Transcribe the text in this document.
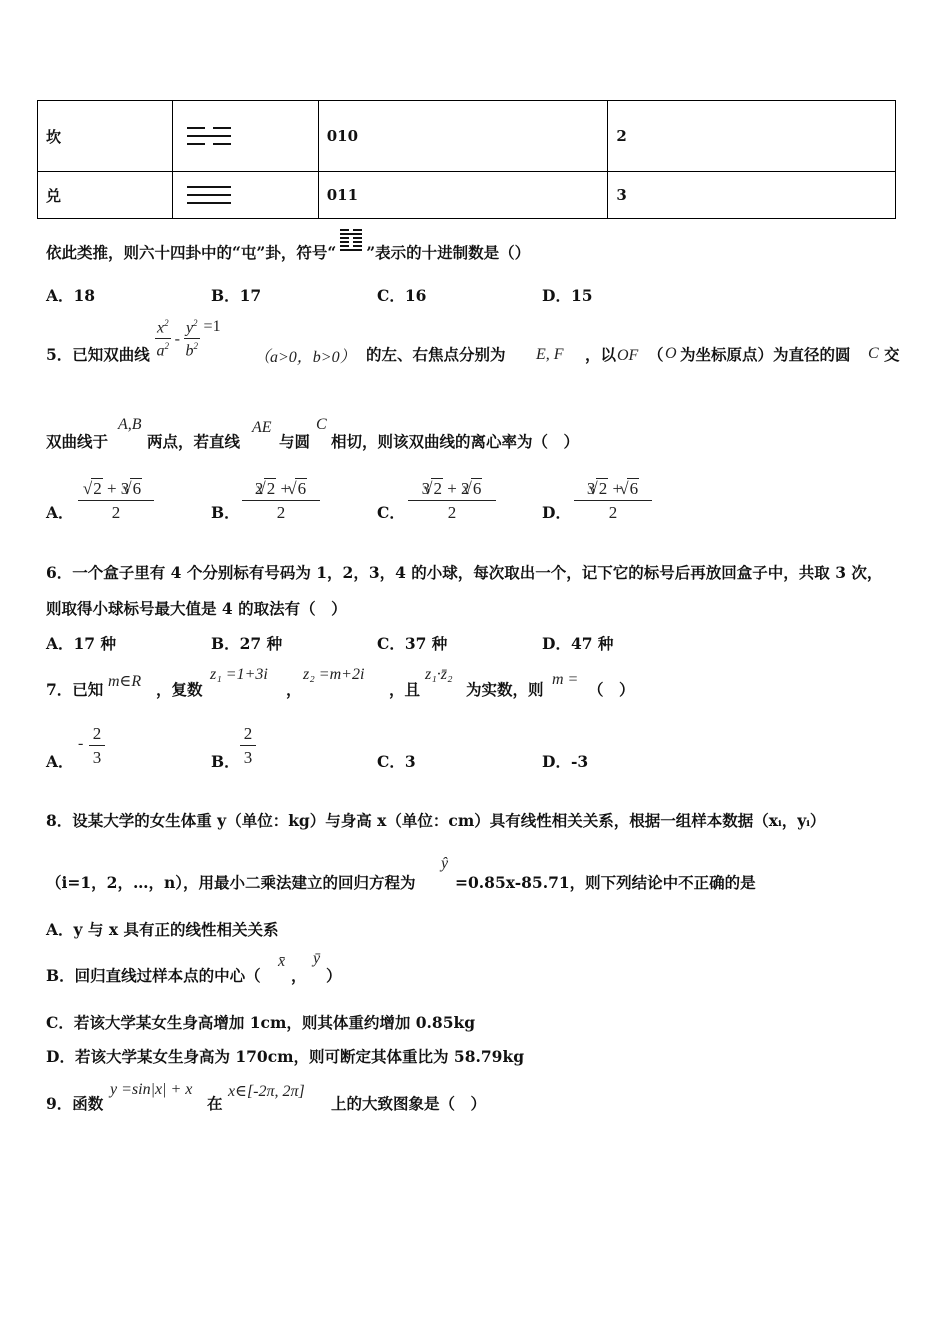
坎		010	2
兑		011	3
依此类推，则六十四卦中的“屯”卦，符号“ ”表示的十进制数是（）
A．18	B．17	C．16	D．15
5．已知双曲线 $\frac{x^2}{a^2} - \frac{y^2}{b^2} =1$
（a>0，b>0） 的左、右焦点分别为 E, F ，以 OF （ O 为坐标原点）为直径的圆 C 交
双曲线于
A,B
两点，若直线
AE
与圆
C
相切，则该双曲线的离心率为（　）
A． √ $\frac{2 + 3 √ 6}{2}$	B． $\frac{2 √ 2 + √ 6}{2}$	C． $\frac{3 √ 2 + 2 √ 6}{2}$	D． $\frac{3 √ 2 + √ 6}{2}$
6．一个盒子里有 4 个分别标有号码为 1，2，3，4 的小球，每次取出一个，记下它的标号后再放回盒子中，共取 3 次，
则取得小球标号最大值是 4 的取法有（　）
A．17 种	B．27 种	C．37 种	D．47 种
7．已知 m∈R ，复数
z₁ =1+3i
，
z₂ =m+2i
，且
z₁·z̄₂
为实数，则
m =
（　）
A．
- $\frac{2}{3}$	B． $\frac{2}{3}$	C．3	D．-3
8．设某大学的女生体重 y（单位：kg）与身高 x（单位：cm）具有线性相关关系，根据一组样本数据（xᵢ，yᵢ）
（i=1，2，…，n），用最小二乘法建立的回归方程为
ŷ
=0.85x-85.71，则下列结论中不正确的是
A．y 与 x 具有正的线性相关关系
B．回归直线过样本点的中心（
x̄
，
ȳ
）
C．若该大学某女生身高增加 1cm，则其体重约增加 0.85kg
D．若该大学某女生身高为 170cm，则可断定其体重比为 58.79kg
9．函数
y =sin|x| + x
在
x∈[-2π, 2π]
上的大致图象是（　）
